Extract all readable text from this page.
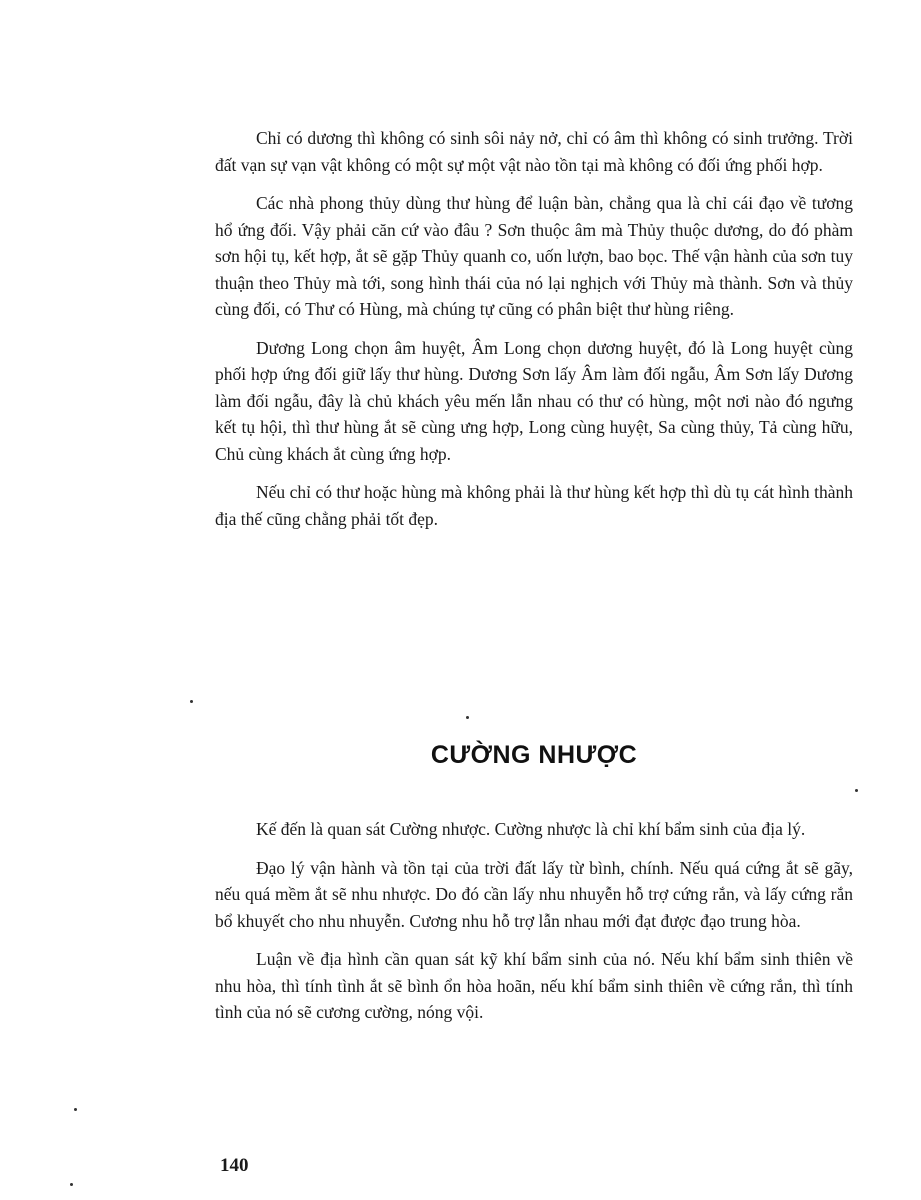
Chỉ có dương thì không có sinh sôi nảy nở, chỉ có âm thì không có sinh trưởng. Trời đất vạn sự vạn vật không có một sự một vật nào tồn tại mà không có đối ứng phối hợp.

Các nhà phong thủy dùng thư hùng để luận bàn, chẳng qua là chỉ cái đạo về tương hổ ứng đối. Vậy phải căn cứ vào đâu ? Sơn thuộc âm mà Thủy thuộc dương, do đó phàm sơn hội tụ, kết hợp, ắt sẽ gặp Thủy quanh co, uốn lượn, bao bọc. Thế vận hành của sơn tuy thuận theo Thủy mà tới, song hình thái của nó lại nghịch với Thủy mà thành. Sơn và thủy cùng đối, có Thư có Hùng, mà chúng tự cũng có phân biệt thư hùng riêng.

Dương Long chọn âm huyệt, Âm Long chọn dương huyệt, đó là Long huyệt cùng phối hợp ứng đối giữ lấy thư hùng. Dương Sơn lấy Âm làm đối ngẫu, Âm Sơn lấy Dương làm đối ngẫu, đây là chủ khách yêu mến lẫn nhau có thư có hùng, một nơi nào đó ngưng kết tụ hội, thì thư hùng ắt sẽ cùng ưng hợp, Long cùng huyệt, Sa cùng thủy, Tả cùng hữu, Chủ cùng khách ắt cùng ứng hợp.

Nếu chỉ có thư hoặc hùng mà không phải là thư hùng kết hợp thì dù tụ cát hình thành địa thế cũng chẳng phải tốt đẹp.

CƯỜNG NHƯỢC

Kế đến là quan sát Cường nhược. Cường nhược là chỉ khí bẩm sinh của địa lý.

Đạo lý vận hành và tồn tại của trời đất lấy từ bình, chính. Nếu quá cứng ắt sẽ gãy, nếu quá mềm ắt sẽ nhu nhược. Do đó cần lấy nhu nhuyễn hỗ trợ cứng rắn, và lấy cứng rắn bổ khuyết cho nhu nhuyễn. Cương nhu hỗ trợ lẫn nhau mới đạt được đạo trung hòa.

Luận về địa hình cần quan sát kỹ khí bẩm sinh của nó. Nếu khí bẩm sinh thiên về nhu hòa, thì tính tình ắt sẽ bình ổn hòa hoãn, nếu khí bẩm sinh thiên về cứng rắn, thì tính tình của nó sẽ cương cường, nóng vội.

140
